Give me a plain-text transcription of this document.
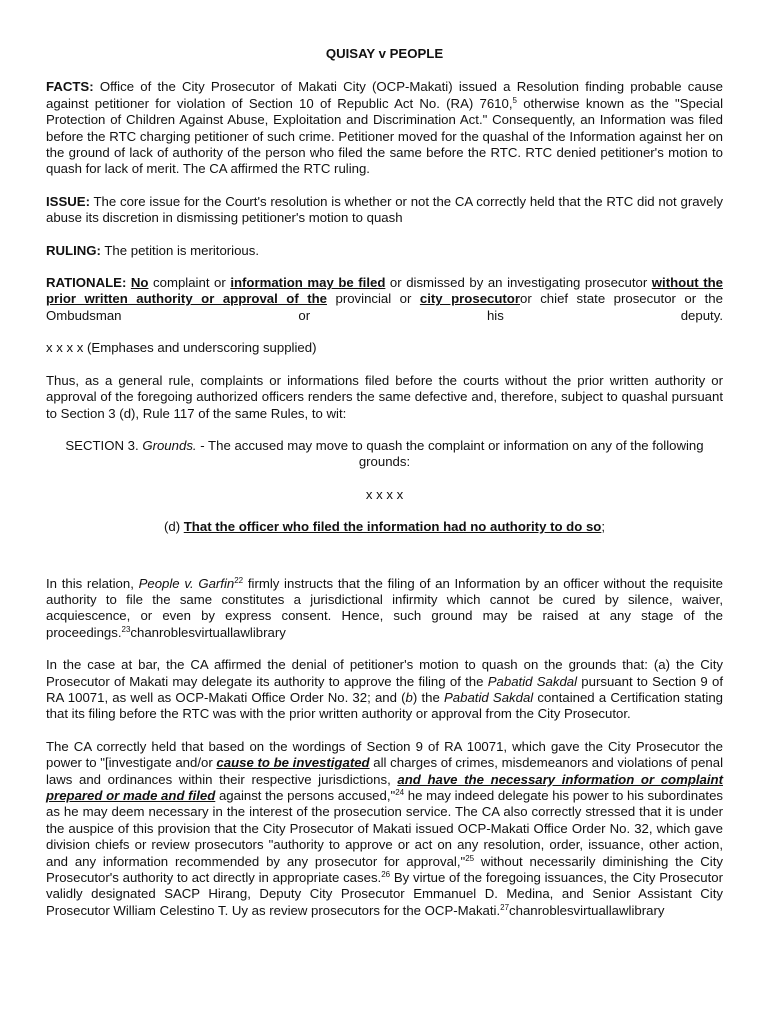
QUISAY v PEOPLE

FACTS: Office of the City Prosecutor of Makati City (OCP-Makati) issued a Resolution finding probable cause against petitioner for violation of Section 10 of Republic Act No. (RA) 7610,$^5$ otherwise known as the "Special Protection of Children Against Abuse, Exploitation and Discrimination Act." Consequently, an Information was filed before the RTC charging petitioner of such crime. Petitioner moved for the quashal of the Information against her on the ground of lack of authority of the person who filed the same before the RTC. RTC denied petitioner's motion to quash for lack of merit. The CA affirmed the RTC ruling.

ISSUE: The core issue for the Court's resolution is whether or not the CA correctly held that the RTC did not gravely abuse its discretion in dismissing petitioner's motion to quash

RULING: The petition is meritorious.

RATIONALE: No complaint or information may be filed or dismissed by an investigating prosecutor without the prior written authority or approval of the provincial or city prosecutoror chief state prosecutor or the Ombudsman or his deputy.

x x x x (Emphases and underscoring supplied)

Thus, as a general rule, complaints or informations filed before the courts without the prior written authority or approval of the foregoing authorized officers renders the same defective and, therefore, subject to quashal pursuant to Section 3 (d), Rule 117 of the same Rules, to wit:

SECTION 3. Grounds. - The accused may move to quash the complaint or information on any of the following grounds:

x x x x

(d) That the officer who filed the information had no authority to do so;

In this relation, People v. Garfin$^{22}$ firmly instructs that the filing of an Information by an officer without the requisite authority to file the same constitutes a jurisdictional infirmity which cannot be cured by silence, waiver, acquiescence, or even by express consent. Hence, such ground may be raised at any stage of the proceedings.$^{23}$chanroblesvirtuallawlibrary

In the case at bar, the CA affirmed the denial of petitioner's motion to quash on the grounds that: (a) the City Prosecutor of Makati may delegate its authority to approve the filing of the Pabatid Sakdal pursuant to Section 9 of RA 10071, as well as OCP-Makati Office Order No. 32; and (b) the Pabatid Sakdal contained a Certification stating that its filing before the RTC was with the prior written authority or approval from the City Prosecutor.

The CA correctly held that based on the wordings of Section 9 of RA 10071, which gave the City Prosecutor the power to "[investigate and/or cause to be investigated all charges of crimes, misdemeanors and violations of penal laws and ordinances within their respective jurisdictions, and have the necessary information or complaint prepared or made and filed against the persons accused,"$^{24}$ he may indeed delegate his power to his subordinates as he may deem necessary in the interest of the prosecution service. The CA also correctly stressed that it is under the auspice of this provision that the City Prosecutor of Makati issued OCP-Makati Office Order No. 32, which gave division chiefs or review prosecutors "authority to approve or act on any resolution, order, issuance, other action, and any information recommended by any prosecutor for approval,"$^{25}$ without necessarily diminishing the City Prosecutor's authority to act directly in appropriate cases.$^{26}$ By virtue of the foregoing issuances, the City Prosecutor validly designated SACP Hirang, Deputy City Prosecutor Emmanuel D. Medina, and Senior Assistant City Prosecutor William Celestino T. Uy as review prosecutors for the OCP-Makati.$^{27}$chanroblesvirtuallawlibrary
